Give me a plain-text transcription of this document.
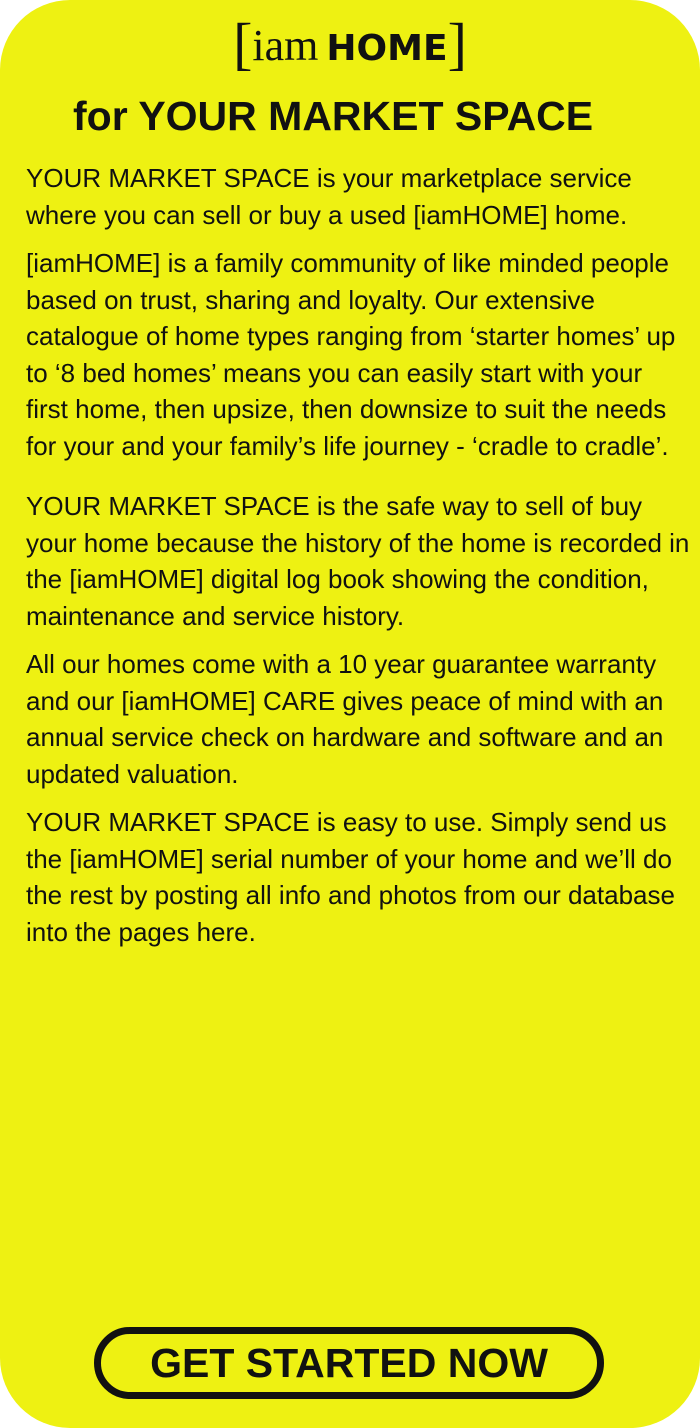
[iam HOME]
for YOUR MARKET SPACE

YOUR MARKET SPACE is your marketplace service where you can sell or buy a used [iamHOME] home.

[iamHOME] is a family community of like minded people based on trust, sharing and loyalty. Our extensive catalogue of home types ranging from ‘starter homes’ up to ‘8 bed homes’ means you can easily start with your first home, then upsize, then downsize to suit the needs for your and your family’s life journey - ‘cradle to cradle’.

YOUR MARKET SPACE is the safe way to sell of buy your home because the history of the home is recorded in the [iamHOME] digital log book showing the condition, maintenance and service history.

All our homes come with a 10 year guarantee warranty and our [iamHOME] CARE gives peace of mind with an annual service check on hardware and software and an updated valuation.

YOUR MARKET SPACE is easy to use. Simply send us the [iamHOME] serial number of your home and we’ll do the rest by posting all info and photos from our database into the pages here.

GET STARTED NOW
